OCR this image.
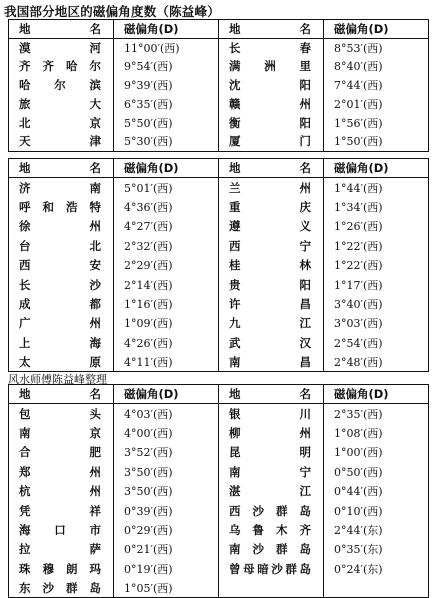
我国部分地区的磁偏角度数（陈益峰）
地　　名	磁偏角(D)	地　　名	磁偏角(D)
漠河	11°00′(西)	长春	8°53′(西)
齐齐哈尔	9°54′(西)	满洲里	8°40′(西)
哈尔滨	9°39′(西)	沈阳	7°44′(西)
旅大	6°35′(西)	赣州	2°01′(西)
北京	5°50′(西)	衡阳	1°56′(西)
天津	5°30′(西)	厦门	1°50′(西)
地　　名	磁偏角(D)	地　　名	磁偏角(D)
济南	5°01′(西)	兰州	1°44′(西)
呼和浩特	4°36′(西)	重庆	1°34′(西)
徐州	4°27′(西)	遵义	1°26′(西)
台北	2°32′(西)	西宁	1°22′(西)
西安	2°29′(西)	桂林	1°22′(西)
长沙	2°14′(西)	贵阳	1°17′(西)
成都	1°16′(西)	许昌	3°40′(西)
广州	1°09′(西)	九江	3°03′(西)
上海	4°26′(西)	武汉	2°54′(西)
太原	4°11′(西)	南昌	2°48′(西)
风水师傅陈益峰整理
地　　名	磁偏角(D)	地　　名	磁偏角(D)
包头	4°03′(西)	银川	2°35′(西)
南京	4°00′(西)	柳州	1°08′(西)
合肥	3°52′(西)	昆明	1°00′(西)
郑州	3°50′(西)	南宁	0°50′(西)
杭州	3°50′(西)	湛江	0°44′(西)
凭祥	0°39′(西)	西沙群岛	0°10′(西)
海口市	0°29′(西)	乌鲁木齐	2°44′(东)
拉萨	0°21′(西)	南沙群岛	0°35′(东)
珠穆朗玛	0°19′(西)	曾母暗沙群岛	0°24′(东)
东沙群岛	1°05′(西)		
